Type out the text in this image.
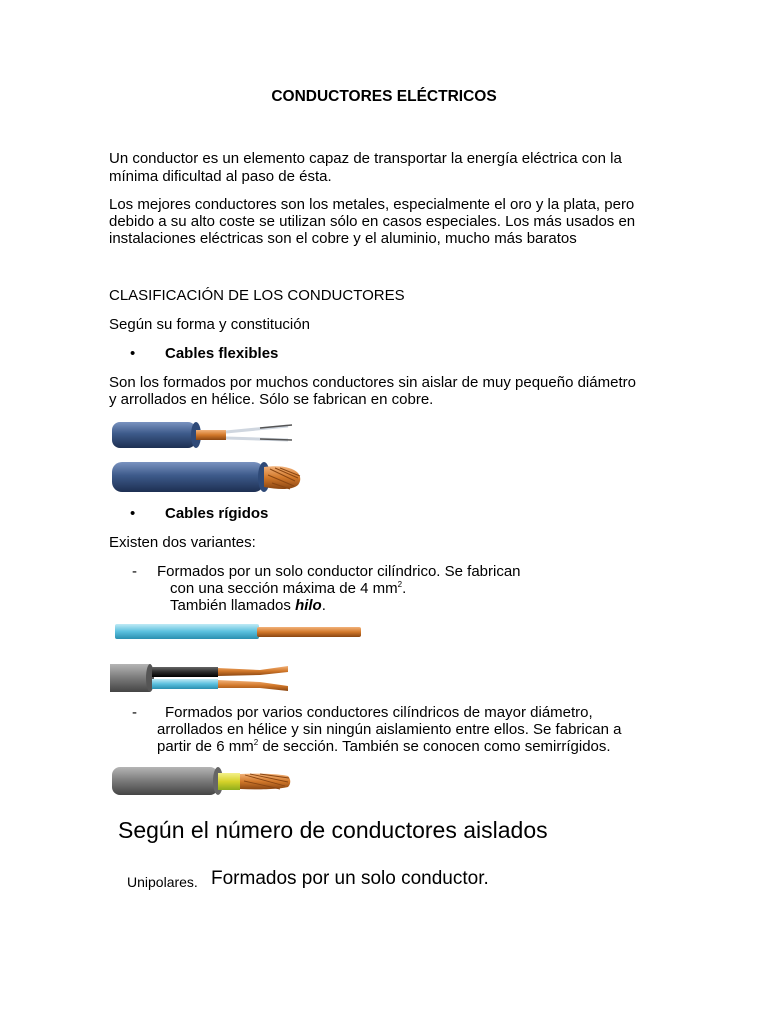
CONDUCTORES ELÉCTRICOS
Un conductor es un elemento capaz de transportar la energía eléctrica con la
mínima dificultad al paso de ésta.
Los mejores conductores son los metales, especialmente el oro y la plata, pero
debido a su alto coste se utilizan sólo en casos especiales. Los más usados en
instalaciones eléctricas son el cobre y el aluminio, mucho más baratos
CLASIFICACIÓN DE LOS CONDUCTORES
Según su forma y constitución
• Cables flexibles
Son los formados por muchos conductores sin aislar de muy pequeño diámetro
y arrollados en hélice. Sólo se fabrican en cobre.
• Cables rígidos
Existen dos variantes:
- Formados por un solo conductor cilíndrico. Se fabrican
con una sección máxima de 4 $mm^2$.
También llamados hilo.
- Formados por varios conductores cilíndricos de mayor diámetro,
arrollados en hélice y sin ningún aislamiento entre ellos. Se fabrican a
partir de 6 $mm^2$ de sección. También se conocen como semirrígidos.
Según el número de conductores aislados
Unipolares. Formados por un solo conductor.
